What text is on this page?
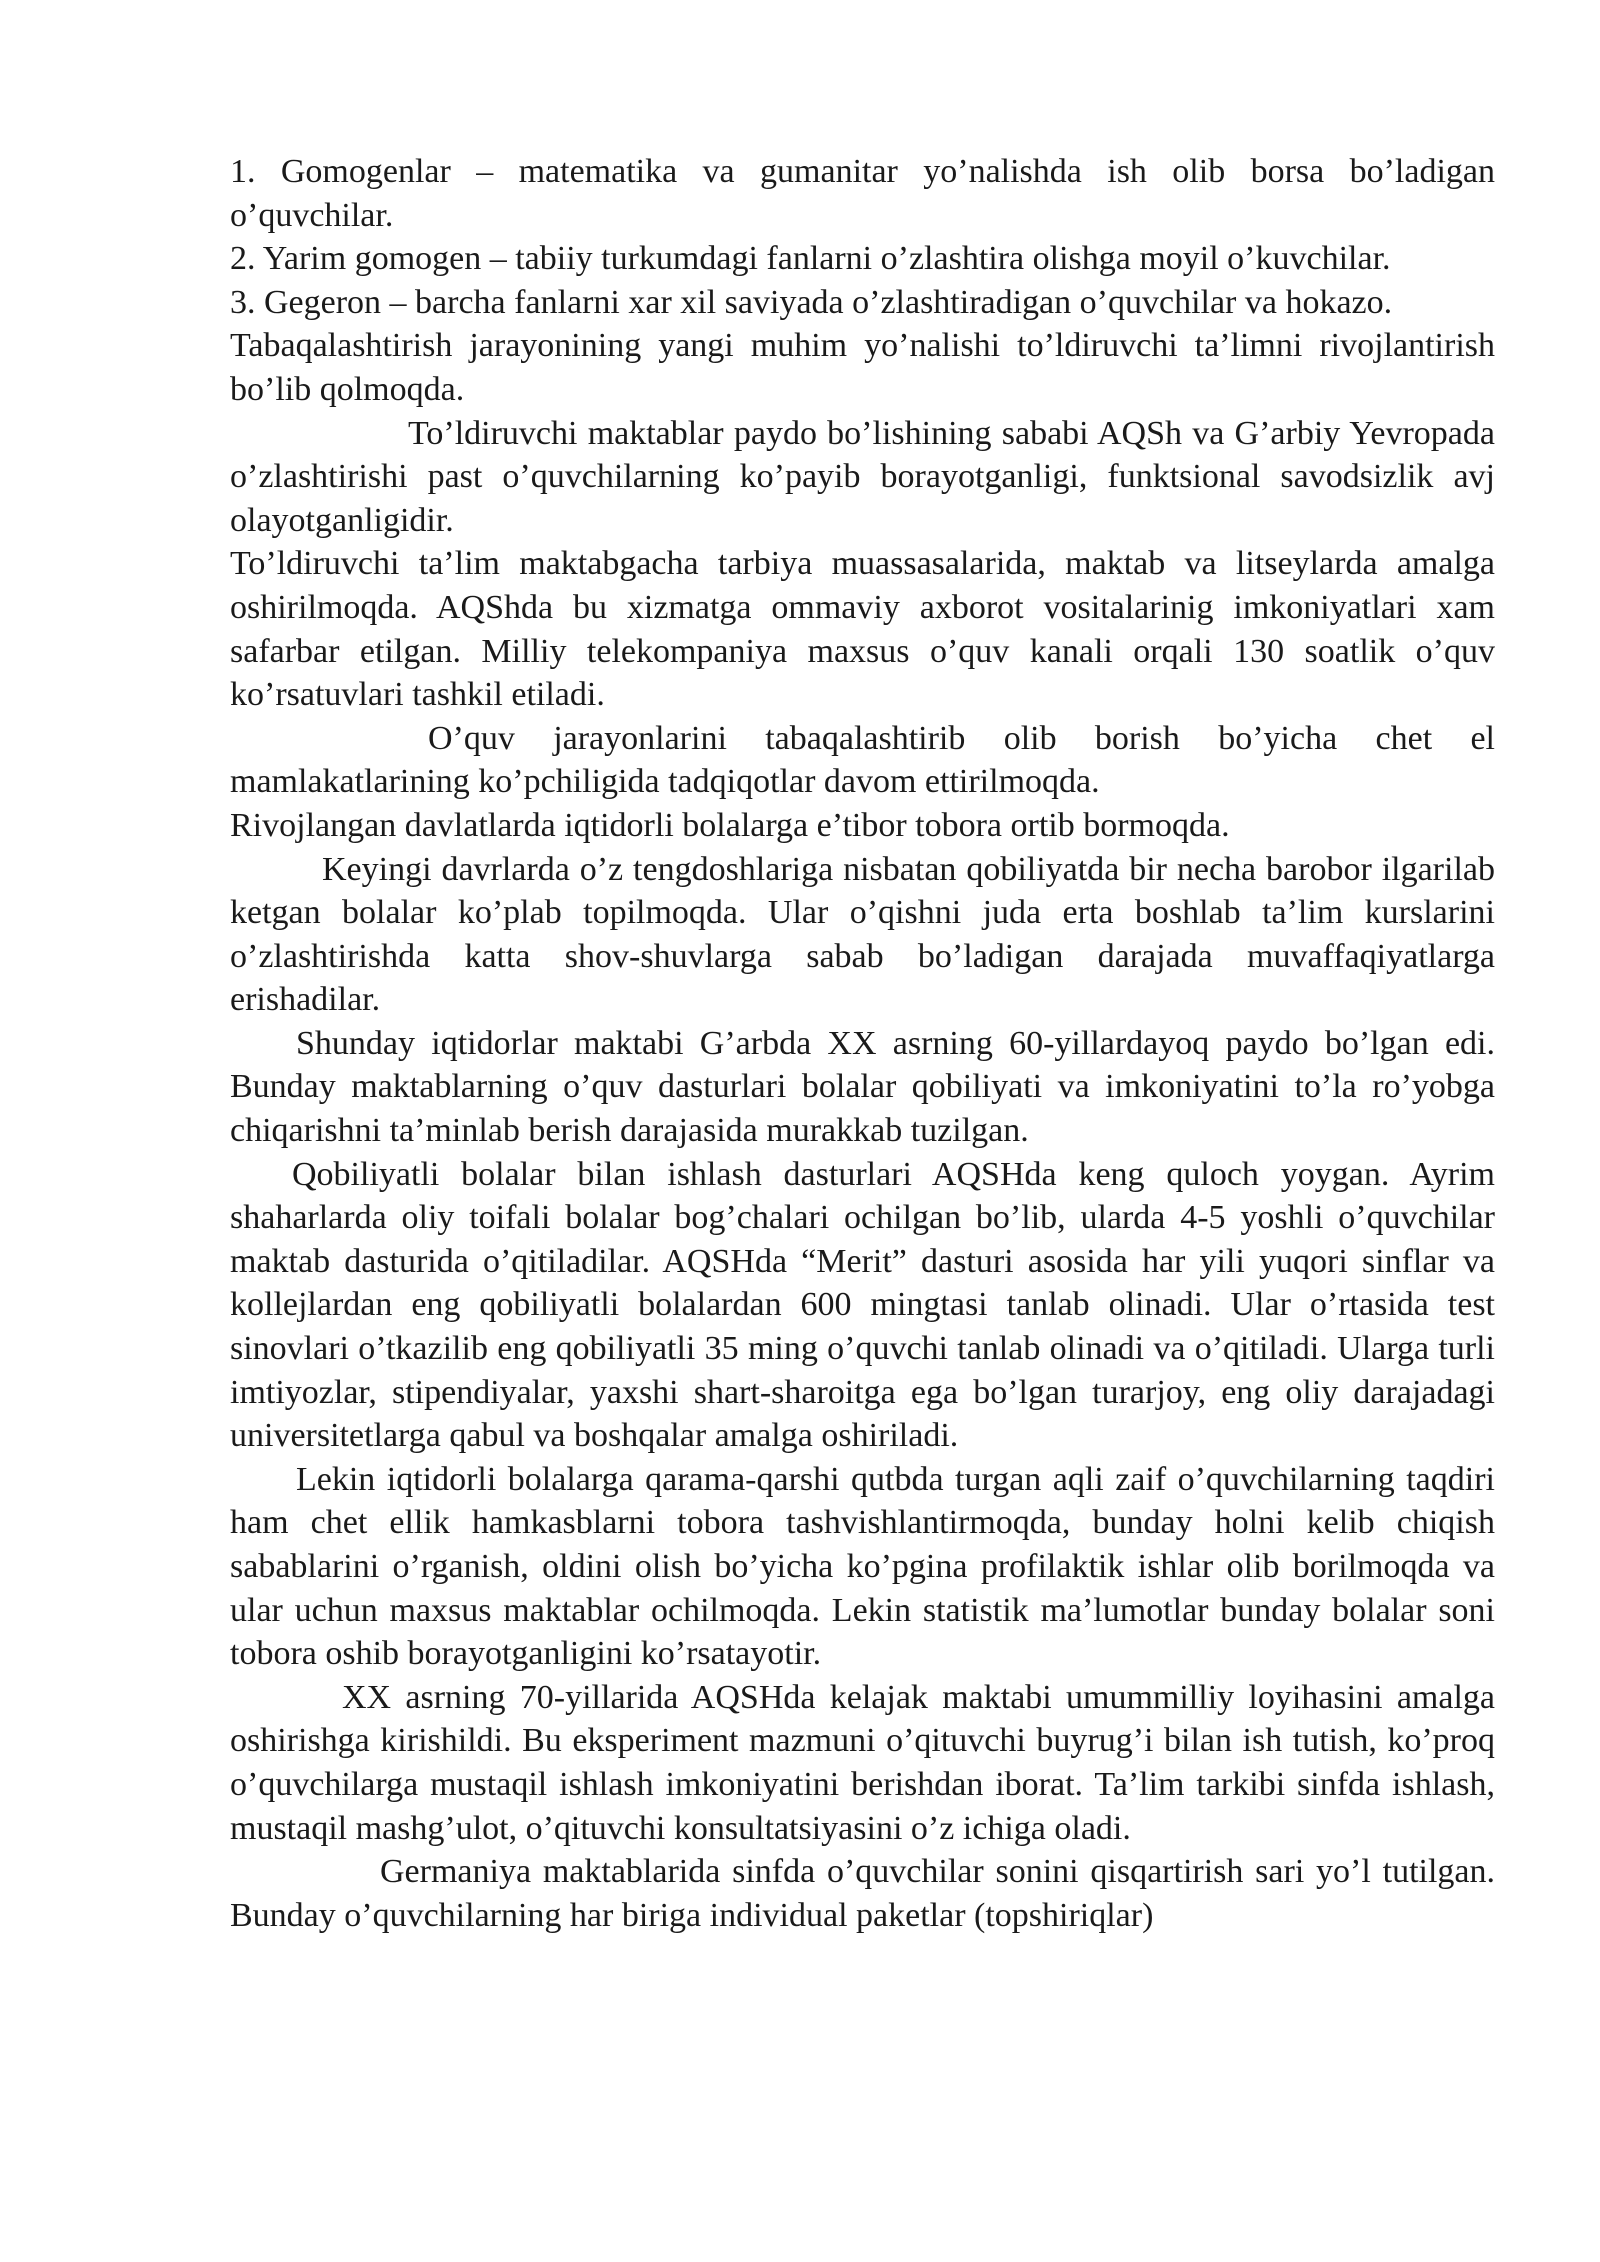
1. Gomogenlar – matematika va gumanitar yo’nalishda ish olib borsa bo’ladigan o’quvchilar.

2. Yarim gomogen – tabiiy turkumdagi fanlarni o’zlashtira olishga moyil o’kuvchilar.

3. Gegeron – barcha fanlarni xar xil saviyada o’zlashtiradigan o’quvchilar va hokazo.

Tabaqalashtirish jarayonining yangi muhim yo’nalishi to’ldiruvchi ta’limni rivojlantirish bo’lib qolmoqda.

To’ldiruvchi maktablar paydo bo’lishining sababi AQSh va G’arbiy Yevropada o’zlashtirishi past o’quvchilarning ko’payib borayotganligi, funktsional savodsizlik avj olayotganligidir.

To’ldiruvchi ta’lim maktabgacha tarbiya muassasalarida, maktab va litseylarda amalga oshirilmoqda. AQShda bu xizmatga ommaviy axborot vositalarinig imkoniyatlari xam safarbar etilgan. Milliy telekompaniya maxsus o’quv kanali orqali 130 soatlik o’quv ko’rsatuvlari tashkil etiladi.

O’quv jarayonlarini tabaqalashtirib olib borish bo’yicha chet el mamlakatlarining ko’pchiligida tadqiqotlar davom ettirilmoqda.

Rivojlangan davlatlarda iqtidorli bolalarga e’tibor tobora ortib bormoqda.

Keyingi davrlarda o’z tengdoshlariga nisbatan qobiliyatda bir necha barobor ilgarilab ketgan bolalar ko’plab topilmoqda. Ular o’qishni juda erta boshlab ta’lim kurslarini o’zlashtirishda katta shov-shuvlarga sabab bo’ladigan darajada muvaffaqiyatlarga erishadilar.

Shunday iqtidorlar maktabi G’arbda XX asrning 60-yillardayoq paydo bo’lgan edi. Bunday maktablarning o’quv dasturlari bolalar qobiliyati va imkoniyatini to’la ro’yobga chiqarishni ta’minlab berish darajasida murakkab tuzilgan.

Qobiliyatli bolalar bilan ishlash dasturlari AQSHda keng quloch yoygan. Ayrim shaharlarda oliy toifali bolalar bog’chalari ochilgan bo’lib, ularda 4-5 yoshli o’quvchilar maktab dasturida o’qitiladilar. AQSHda “Merit” dasturi asosida har yili yuqori sinflar va kollejlardan eng qobiliyatli bolalardan 600 mingtasi tanlab olinadi. Ular o’rtasida test sinovlari o’tkazilib eng qobiliyatli 35 ming o’quvchi tanlab olinadi va o’qitiladi. Ularga turli imtiyozlar, stipendiyalar, yaxshi shart-sharoitga ega bo’lgan turarjoy, eng oliy darajadagi universitetlarga qabul va boshqalar amalga oshiriladi.

Lekin iqtidorli bolalarga qarama-qarshi qutbda turgan aqli zaif o’quvchilarning taqdiri ham chet ellik hamkasblarni tobora tashvishlantirmoqda, bunday holni kelib chiqish sabablarini o’rganish, oldini olish bo’yicha ko’pgina profilaktik ishlar olib borilmoqda va ular uchun maxsus maktablar ochilmoqda. Lekin statistik ma’lumotlar bunday bolalar soni tobora oshib borayotganligini ko’rsatayotir.

XX asrning 70-yillarida AQSHda kelajak maktabi umummilliy loyihasini amalga oshirishga kirishildi. Bu eksperiment mazmuni o’qituvchi buyrug’i bilan ish tutish, ko’proq o’quvchilarga mustaqil ishlash imkoniyatini berishdan iborat. Ta’lim tarkibi sinfda ishlash, mustaqil mashg’ulot, o’qituvchi konsultatsiyasini o’z ichiga oladi.

Germaniya maktablarida sinfda o’quvchilar sonini qisqartirish sari yo’l tutilgan. Bunday o’quvchilarning har biriga individual paketlar (topshiriqlar)
